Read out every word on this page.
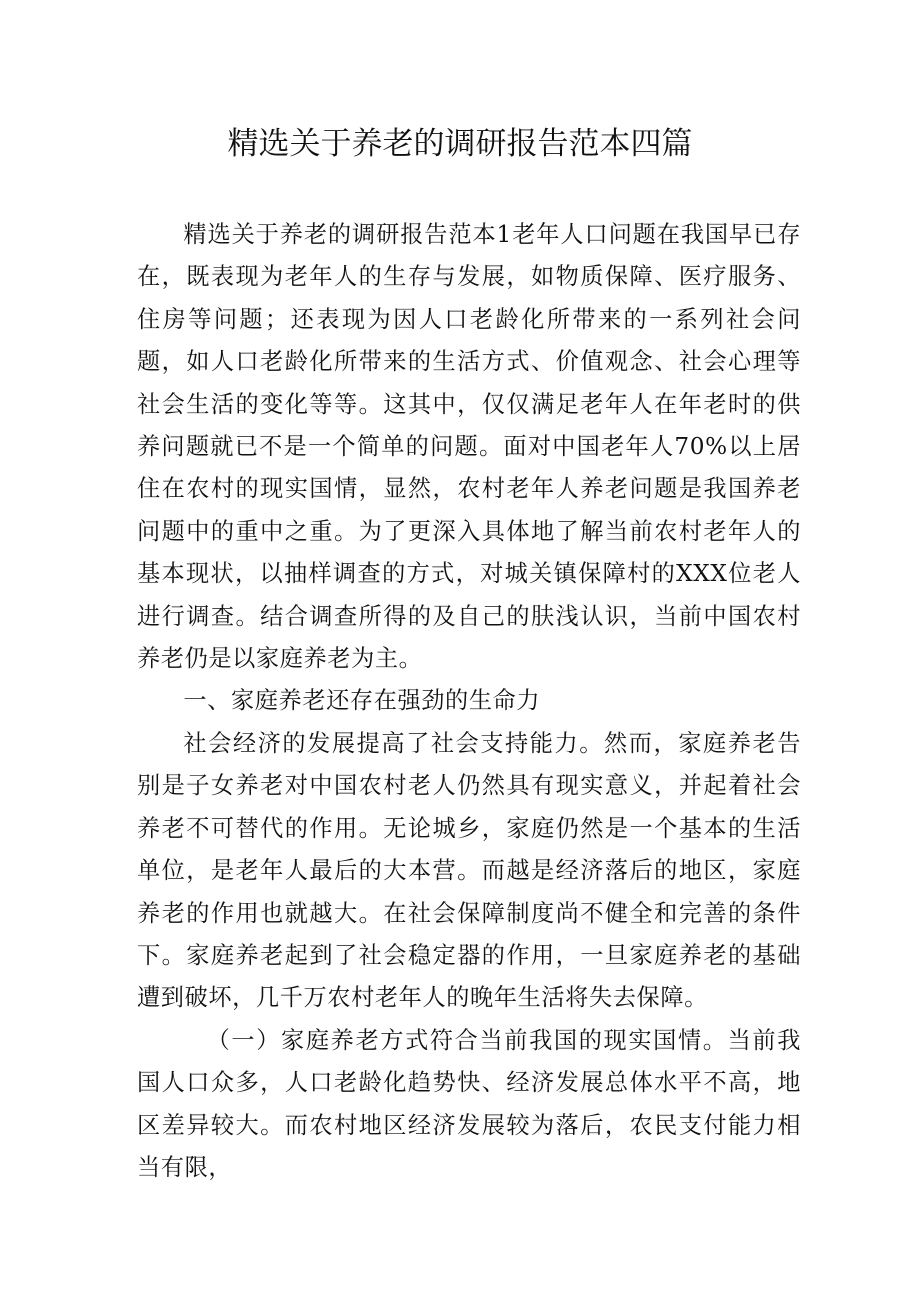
精选关于养老的调研报告范本四篇

精选关于养老的调研报告范本1老年人口问题在我国早已存在，既表现为老年人的生存与发展，如物质保障、医疗服务、住房等问题；还表现为因人口老龄化所带来的一系列社会问题，如人口老龄化所带来的生活方式、价值观念、社会心理等社会生活的变化等等。这其中，仅仅满足老年人在年老时的供养问题就已不是一个简单的问题。面对中国老年人70%以上居住在农村的现实国情，显然，农村老年人养老问题是我国养老问题中的重中之重。为了更深入具体地了解当前农村老年人的基本现状，以抽样调查的方式，对城关镇保障村的XXX位老人进行调查。结合调查所得的及自己的肤浅认识，当前中国农村养老仍是以家庭养老为主。

一、家庭养老还存在强劲的生命力

社会经济的发展提高了社会支持能力。然而，家庭养老告别是子女养老对中国农村老人仍然具有现实意义，并起着社会养老不可替代的作用。无论城乡，家庭仍然是一个基本的生活单位，是老年人最后的大本营。而越是经济落后的地区，家庭养老的作用也就越大。在社会保障制度尚不健全和完善的条件下。家庭养老起到了社会稳定器的作用，一旦家庭养老的基础遭到破坏，几千万农村老年人的晚年生活将失去保障。

（一）家庭养老方式符合当前我国的现实国情。当前我国人口众多，人口老龄化趋势快、经济发展总体水平不高，地区差异较大。而农村地区经济发展较为落后，农民支付能力相当有限，
